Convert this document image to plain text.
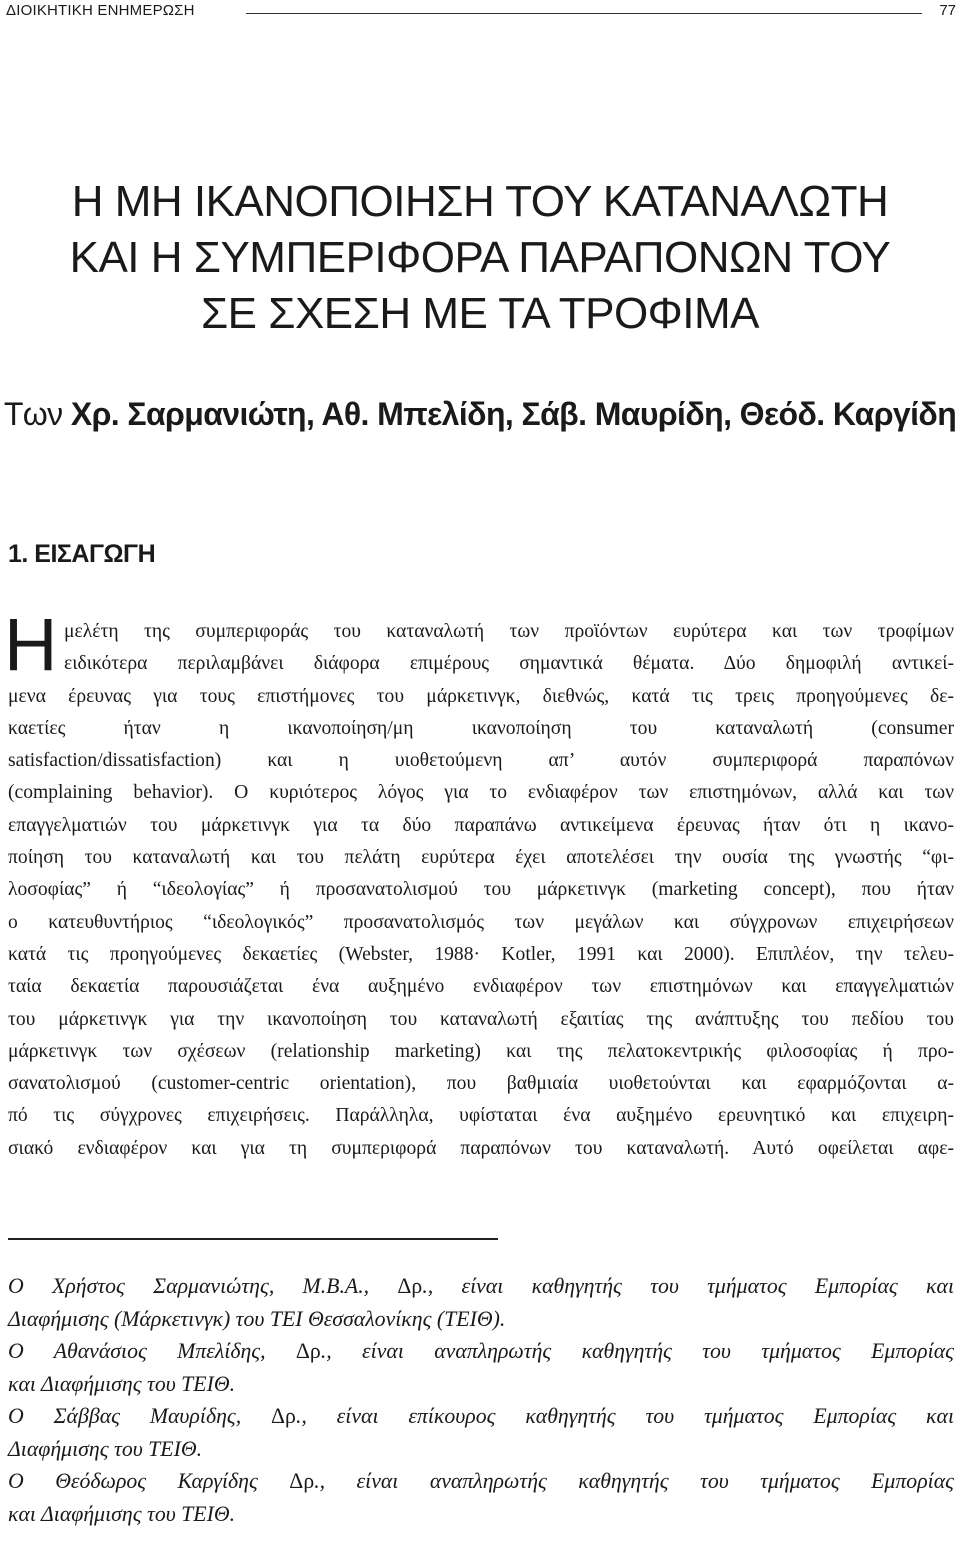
ΔΙΟΙΚΗΤΙΚΗ ΕΝΗΜΕΡΩΣΗ	77
Η ΜΗ ΙΚΑΝΟΠΟΙΗΣΗ ΤΟΥ ΚΑΤΑΝΑΛΩΤΗ
ΚΑΙ Η ΣΥΜΠΕΡΙΦΟΡΑ ΠΑΡΑΠΟΝΩΝ ΤΟΥ
ΣΕ ΣΧΕΣΗ ΜΕ ΤΑ ΤΡΟΦΙΜΑ
Των Χρ. Σαρμανιώτη, Αθ. Μπελίδη, Σάβ. Μαυρίδη, Θεόδ. Καργίδη
1. ΕΙΣΑΓΩΓΗ
Η μελέτη της συμπεριφοράς του καταναλωτή των προϊόντων ευρύτερα και των τροφίμων
ειδικότερα περιλαμβάνει διάφορα επιμέρους σημαντικά θέματα. Δύο δημοφιλή αντικεί-
μενα έρευνας για τους επιστήμονες του μάρκετινγκ, διεθνώς, κατά τις τρεις προηγούμενες δε-
καετίες ήταν η ικανοποίηση/μη ικανοποίηση του καταναλωτή (consumer
satisfaction/dissatisfaction) και η υιοθετούμενη απ’ αυτόν συμπεριφορά παραπόνων
(complaining behavior). Ο κυριότερος λόγος για το ενδιαφέρον των επιστημόνων, αλλά και των
επαγγελματιών του μάρκετινγκ για τα δύο παραπάνω αντικείμενα έρευνας ήταν ότι η ικανο-
ποίηση του καταναλωτή και του πελάτη ευρύτερα έχει αποτελέσει την ουσία της γνωστής “φι-
λοσοφίας” ή “ιδεολογίας” ή προσανατολισμού του μάρκετινγκ (marketing concept), που ήταν
ο κατευθυντήριος “ιδεολογικός” προσανατολισμός των μεγάλων και σύγχρονων επιχειρήσεων
κατά τις προηγούμενες δεκαετίες (Webster, 1988· Kotler, 1991 και 2000). Επιπλέον, την τελευ-
ταία δεκαετία παρουσιάζεται ένα αυξημένο ενδιαφέρον των επιστημόνων και επαγγελματιών
του μάρκετινγκ για την ικανοποίηση του καταναλωτή εξαιτίας της ανάπτυξης του πεδίου του
μάρκετινγκ των σχέσεων (relationship marketing) και της πελατοκεντρικής φιλοσοφίας ή προ-
σανατολισμού (customer-centric orientation), που βαθμιαία υιοθετούνται και εφαρμόζονται α-
πό τις σύγχρονες επιχειρήσεις. Παράλληλα, υφίσταται ένα αυξημένο ερευνητικό και επιχειρη-
σιακό ενδιαφέρον και για τη συμπεριφορά παραπόνων του καταναλωτή. Αυτό οφείλεται αφε-
Ο Χρήστος Σαρμανιώτης, Μ.Β.Α., Δρ., είναι καθηγητής του τμήματος Εμπορίας και
Διαφήμισης (Μάρκετινγκ) του ΤΕΙ Θεσσαλονίκης (ΤΕΙΘ).
Ο Αθανάσιος Μπελίδης, Δρ., είναι αναπληρωτής καθηγητής του τμήματος Εμπορίας
και Διαφήμισης του ΤΕΙΘ.
Ο Σάββας Μαυρίδης, Δρ., είναι επίκουρος καθηγητής του τμήματος Εμπορίας και
Διαφήμισης του ΤΕΙΘ.
Ο Θεόδωρος Καργίδης Δρ., είναι αναπληρωτής καθηγητής του τμήματος Εμπορίας
και Διαφήμισης του ΤΕΙΘ.
